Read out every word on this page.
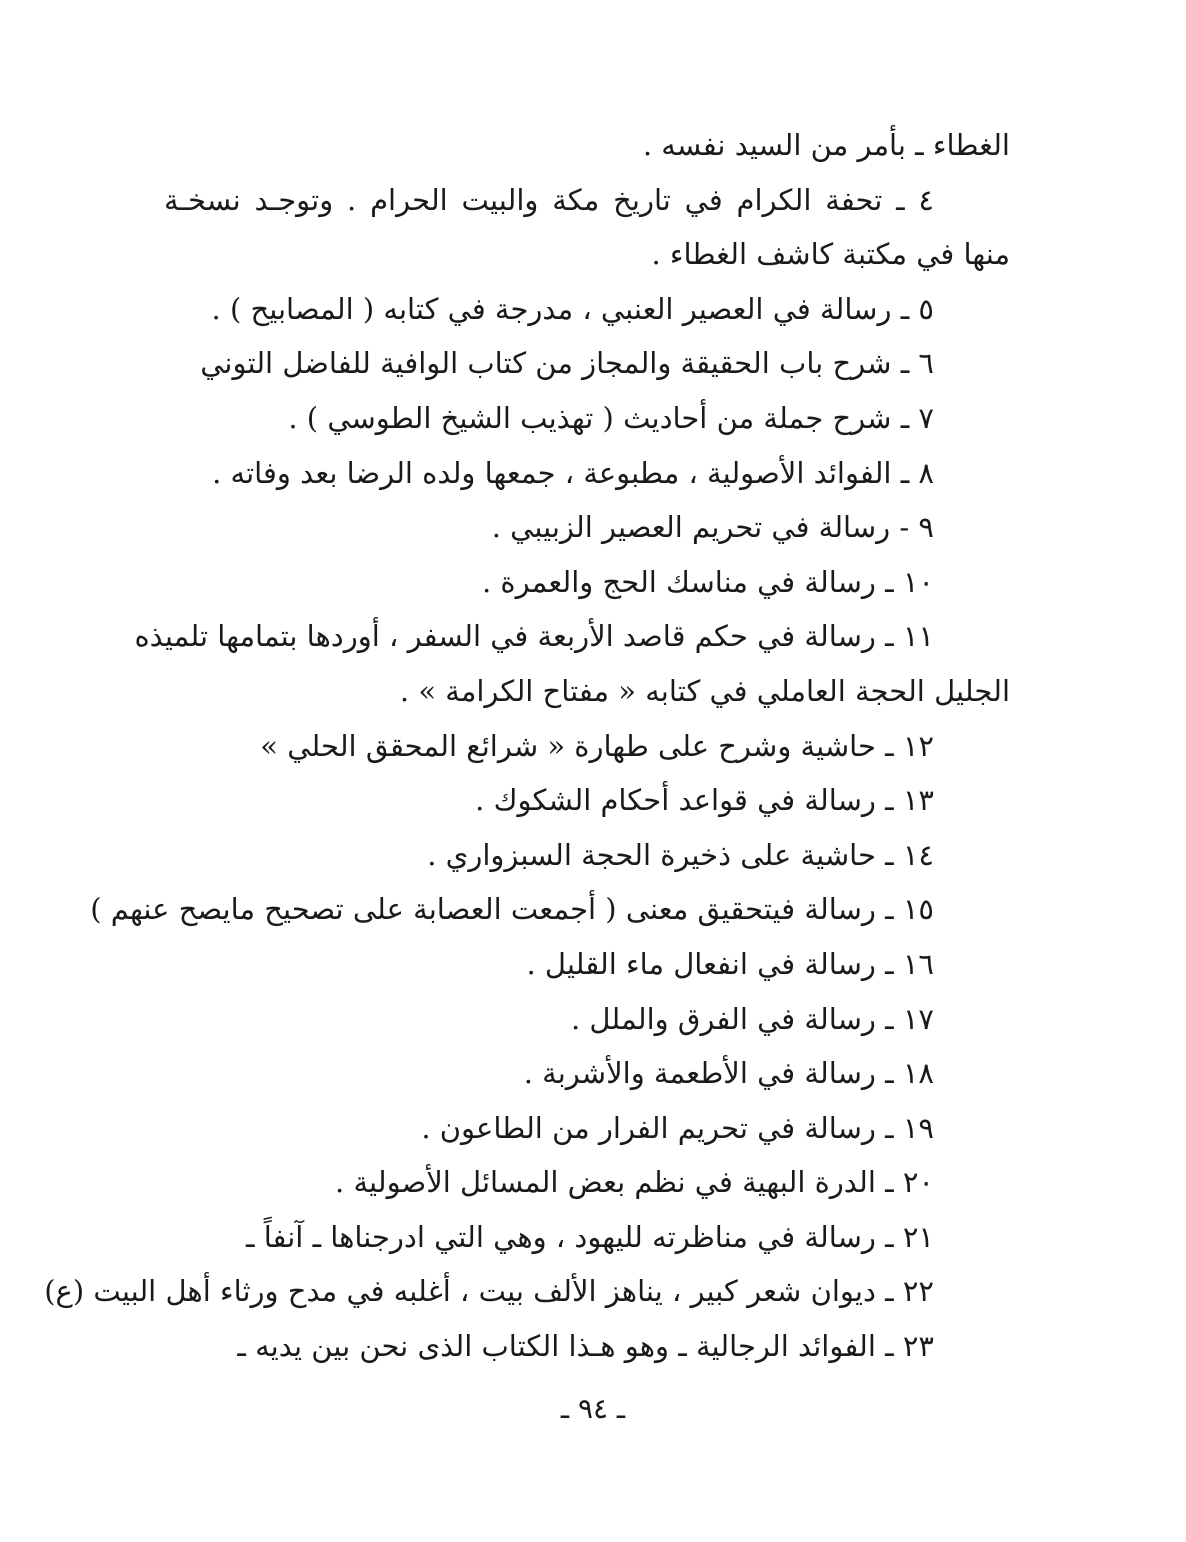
الغطاء ـ بأمر من السيد نفسه .
٤ ـ تحفة الكرام في تاريخ مكة والبيت الحرام . وتوجـد نسخـة
منها في مكتبة كاشف الغطاء .
٥ ـ رسالة في العصير العنبي ، مدرجة في كتابه ( المصابيح ) .
٦ ـ شرح باب الحقيقة والمجاز من كتاب الوافية للفاضل التوني
٧ ـ شرح جملة من أحاديث ( تهذيب الشيخ الطوسي ) .
٨ ـ الفوائد الأصولية ، مطبوعة ، جمعها ولده الرضا بعد وفاته .
٩ - رسالة في تحريم العصير الزبيبي .
١٠ ـ رسالة في مناسك الحج والعمرة .
١١ ـ رسالة في حكم قاصد الأربعة في السفر ، أوردها بتمامها تلميذه
الجليل الحجة العاملي في كتابه « مفتاح الكرامة » .
١٢ ـ حاشية وشرح على طهارة « شرائع المحقق الحلي »
١٣ ـ رسالة في قواعد أحكام الشكوك .
١٤ ـ حاشية على ذخيرة الحجة السبزواري .
١٥ ـ رسالة فيتحقيق معنى ( أجمعت العصابة على تصحيح مايصح عنهم )
١٦ ـ رسالة في انفعال ماء القليل .
١٧ ـ رسالة في الفرق والملل .
١٨ ـ رسالة في الأطعمة والأشربة .
١٩ ـ رسالة في تحريم الفرار من الطاعون .
٢٠ ـ الدرة البهية في نظم بعض المسائل الأصولية .
٢١ ـ رسالة في مناظرته لليهود ، وهي التي ادرجناها ـ آنفاً ـ
٢٢ ـ ديوان شعر كبير ، يناهز الألف بيت ، أغلبه في مدح ورثاء أهل البيت (ع)
٢٣ ـ الفوائد الرجالية ـ وهو هـذا الكتاب الذى نحن بين يديه ـ
ـ ٩٤ ـ
